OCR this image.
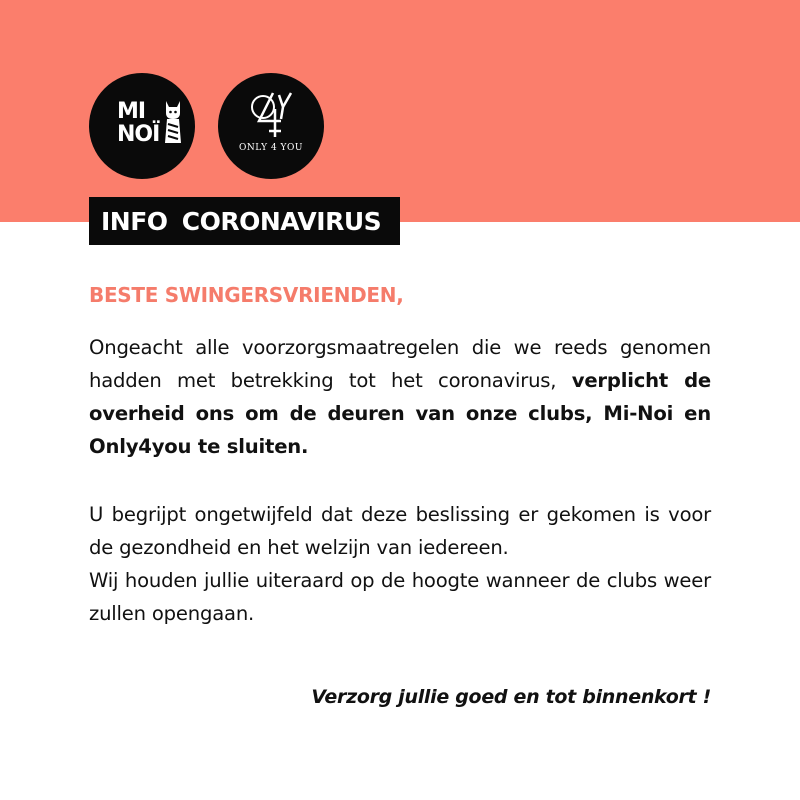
MI
NOÏ
ONLY 4 YOU
INFO CORONAVIRUS
BESTE SWINGERSVRIENDEN,
Ongeacht alle voorzorgsmaatregelen die we reeds genomen hadden met betrekking tot het coronavirus, verplicht de overheid ons om de deuren van onze clubs, Mi-Noi en Only4you te sluiten.
U begrijpt ongetwijfeld dat deze beslissing er gekomen is voor de gezondheid en het welzijn van iedereen.
Wij houden jullie uiteraard op de hoogte wanneer de clubs weer zullen opengaan.
Verzorg jullie goed en tot binnenkort !
